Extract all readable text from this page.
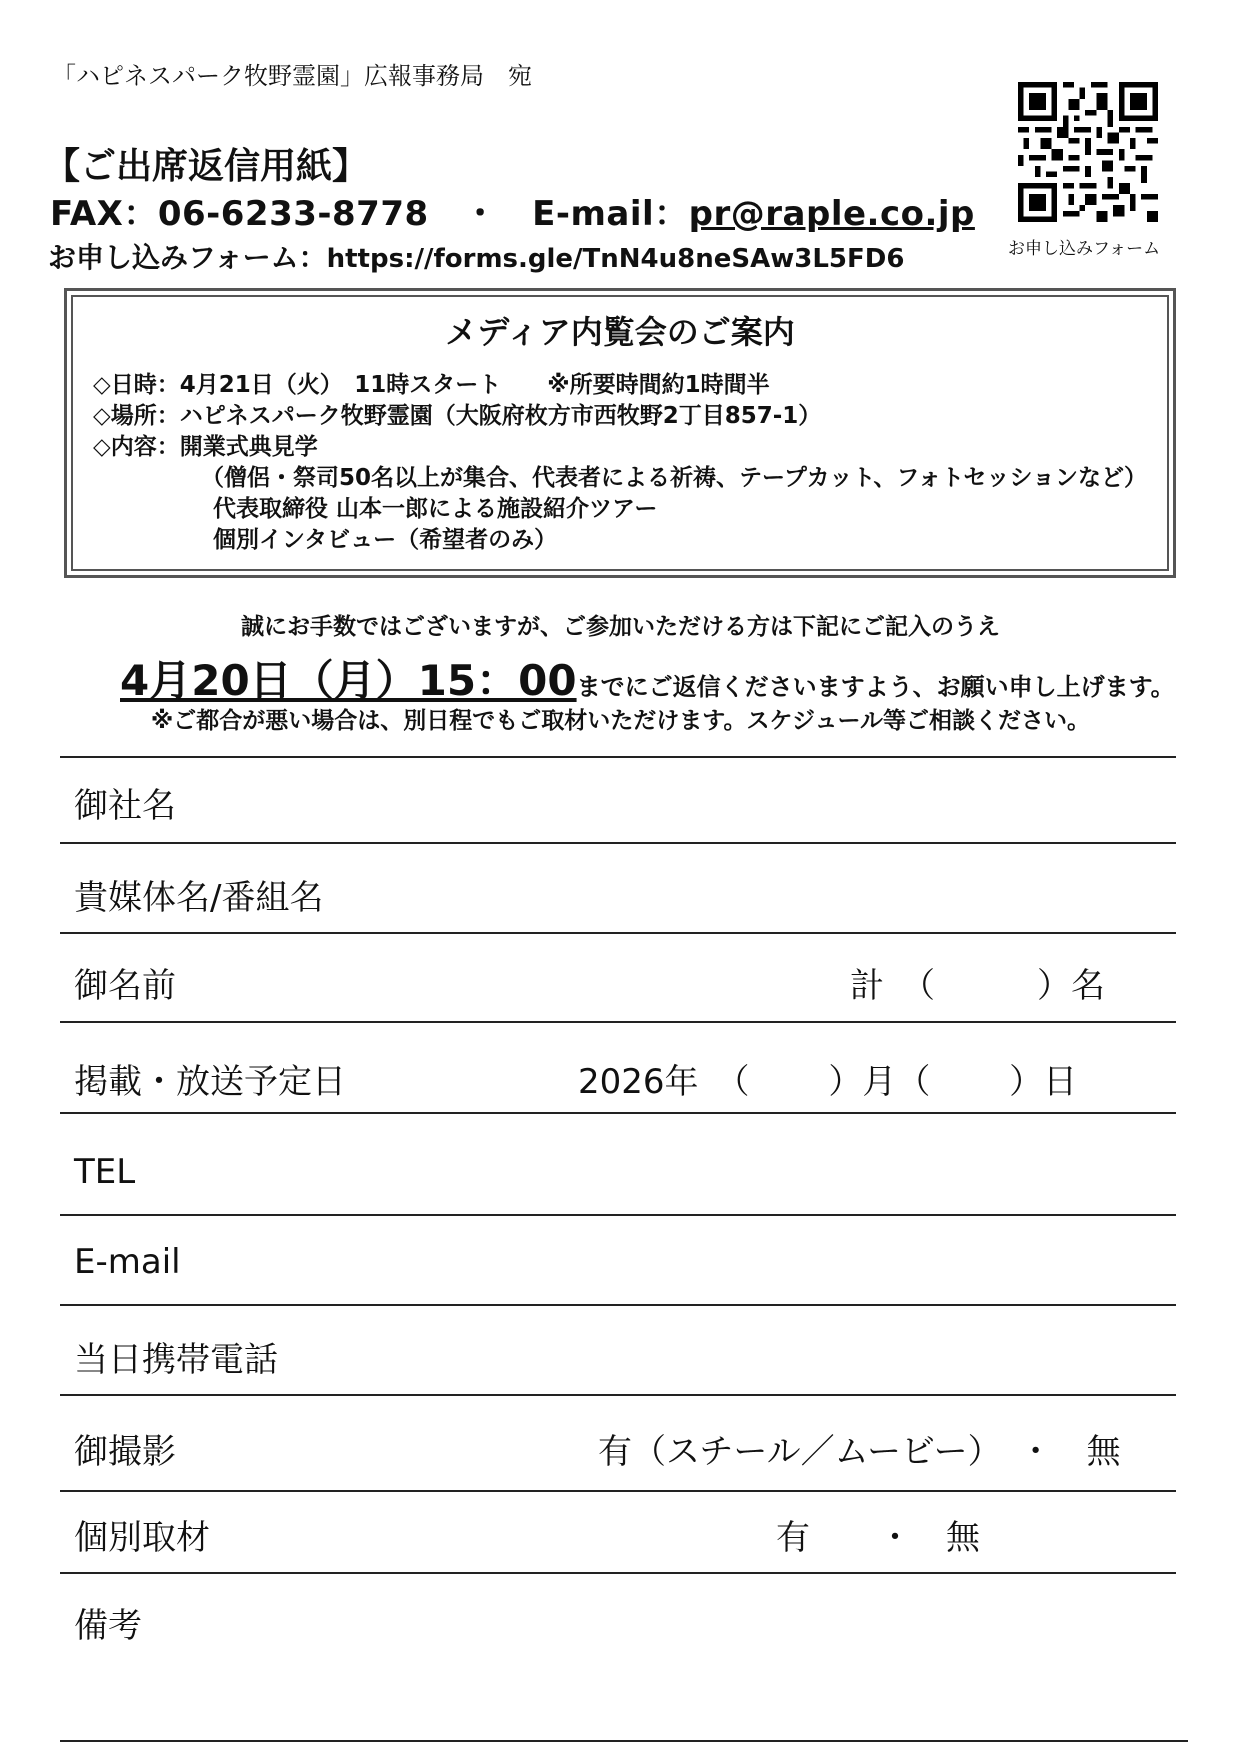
「ハピネスパーク牧野霊園」広報事務局　宛
【ご出席返信用紙】
FAX：06-6233-8778　・　E-mail：pr@raple.co.jp
お申し込みフォーム：https://forms.gle/TnN4u8neSAw3L5FD6	お申し込みフォーム
メディア内覧会のご案内
◇日時：4月21日（火）　11時スタート　　※所要時間約1時間半
◇場所：ハピネスパーク牧野霊園（大阪府枚方市西牧野2丁目857-1）
◇内容：開業式典見学
（僧侶・祭司50名以上が集合、代表者による祈祷、テープカット、フォトセッションなど）
代表取締役 山本一郎による施設紹介ツアー
個別インタビュー（希望者のみ）
誠にお手数ではございますが、ご参加いただける方は下記にご記入のうえ
4月20日（月）15：00までにご返信くださいますよう、お願い申し上げます。
※ご都合が悪い場合は、別日程でもご取材いただけます。スケジュール等ご相談ください。
御社名
貴媒体名/番組名
御名前	計　（　　　）名
掲載・放送予定日	2026年　（　　 ）月（　　 ）日
TEL
E-mail
当日携帯電話
御撮影	有（スチール／ムービー）　・　無
個別取材	有　　・　無
備考
